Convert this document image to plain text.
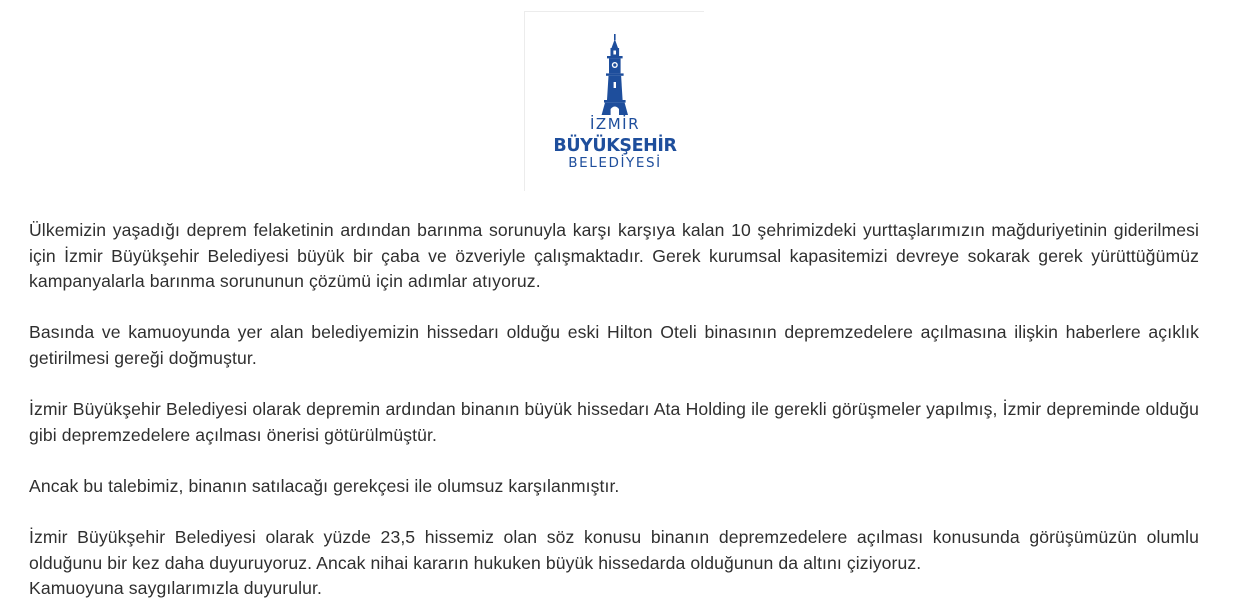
İZMİR
BÜYÜKŞEHİR
BELEDİYESİ

Ülkemizin yaşadığı deprem felaketinin ardından barınma sorunuyla karşı karşıya kalan 10 şehrimizdeki yurttaşlarımızın mağduriyetinin giderilmesi için İzmir Büyükşehir Belediyesi büyük bir çaba ve özveriyle çalışmaktadır. Gerek kurumsal kapasitemizi devreye sokarak gerek yürüttüğümüz kampanyalarla barınma sorununun çözümü için adımlar atıyoruz.

Basında ve kamuoyunda yer alan belediyemizin hissedarı olduğu eski Hilton Oteli binasının depremzedelere açılmasına ilişkin haberlere açıklık getirilmesi gereği doğmuştur.

İzmir Büyükşehir Belediyesi olarak depremin ardından binanın büyük hissedarı Ata Holding ile gerekli görüşmeler yapılmış, İzmir depreminde olduğu gibi depremzedelere açılması önerisi götürülmüştür.

Ancak bu talebimiz, binanın satılacağı gerekçesi ile olumsuz karşılanmıştır.

İzmir Büyükşehir Belediyesi olarak yüzde 23,5 hissemiz olan söz konusu binanın depremzedelere açılması konusunda görüşümüzün olumlu olduğunu bir kez daha duyuruyoruz. Ancak nihai kararın hukuken büyük hissedarda olduğunun da altını çiziyoruz.

Kamuoyuna saygılarımızla duyurulur.
